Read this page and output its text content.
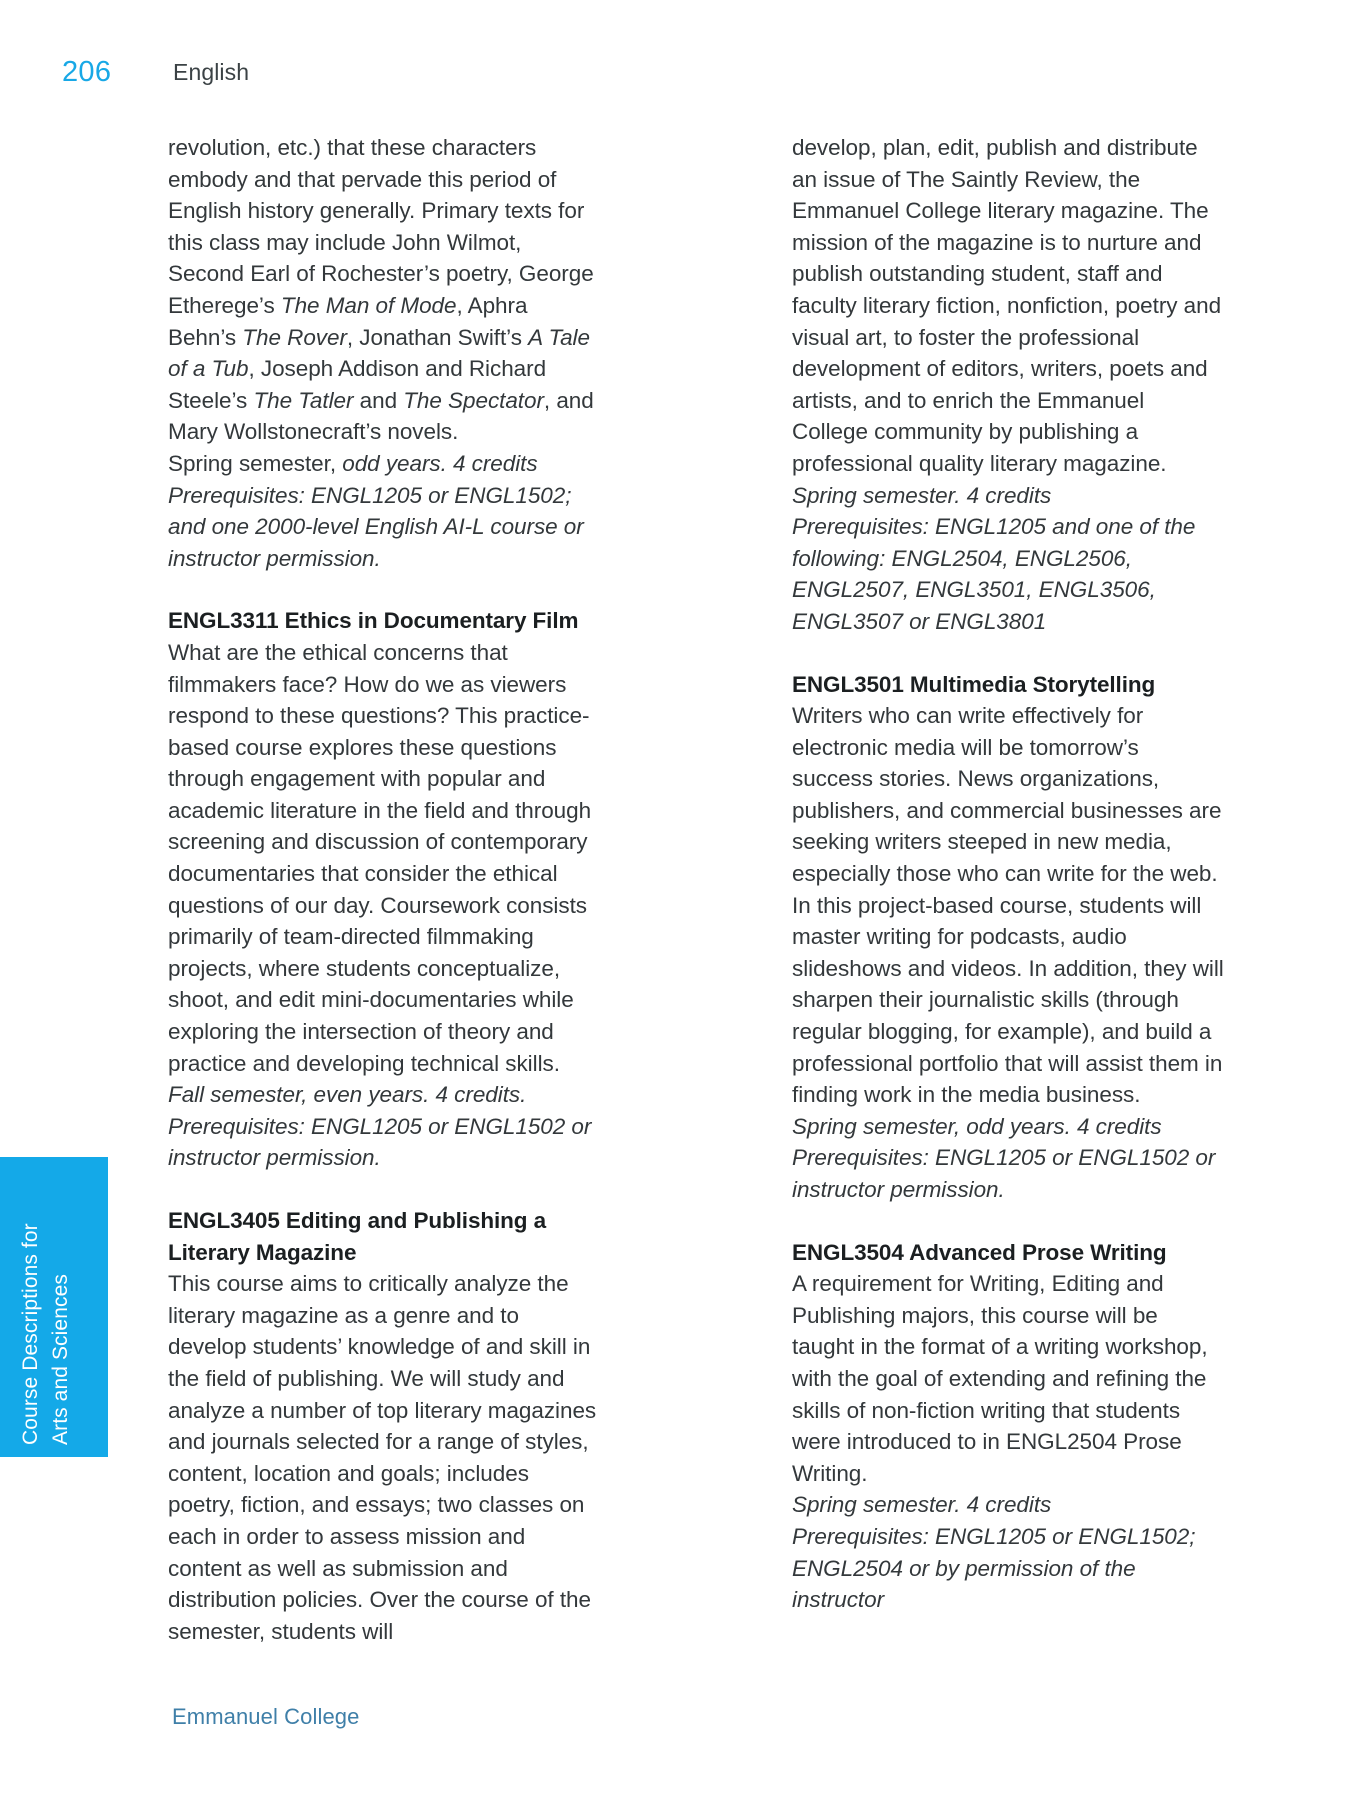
206	English
Course Descriptions for Arts and Sciences

revolution, etc.) that these characters embody and that pervade this period of English history generally. Primary texts for this class may include John Wilmot, Second Earl of Rochester’s poetry, George Etherege’s The Man of Mode, Aphra Behn’s The Rover, Jonathan Swift’s A Tale of a Tub, Joseph Addison and Richard Steele’s The Tatler and The Spectator, and Mary Wollstonecraft’s novels.

Spring semester, odd years. 4 credits

Prerequisites: ENGL1205 or ENGL1502; and one 2000-level English AI-L course or instructor permission.

ENGL3311 Ethics in Documentary Film

What are the ethical concerns that filmmakers face? How do we as viewers respond to these questions? This practice-based course explores these questions through engagement with popular and academic literature in the field and through screening and discussion of contemporary documentaries that consider the ethical questions of our day. Coursework consists primarily of team-directed filmmaking projects, where students conceptualize, shoot, and edit mini-documentaries while exploring the intersection of theory and practice and developing technical skills.

Fall semester, even years. 4 credits.

Prerequisites: ENGL1205 or ENGL1502 or instructor permission.

ENGL3405 Editing and Publishing a Literary Magazine

This course aims to critically analyze the literary magazine as a genre and to develop students’ knowledge of and skill in the field of publishing. We will study and analyze a number of top literary magazines and journals selected for a range of styles, content, location and goals; includes poetry, fiction, and essays; two classes on each in order to assess mission and content as well as submission and distribution policies. Over the course of the semester, students will

develop, plan, edit, publish and distribute an issue of The Saintly Review, the Emmanuel College literary magazine. The mission of the magazine is to nurture and publish outstanding student, staff and faculty literary fiction, nonfiction, poetry and visual art, to foster the professional development of editors, writers, poets and artists, and to enrich the Emmanuel College community by publishing a professional quality literary magazine.

Spring semester. 4 credits

Prerequisites: ENGL1205 and one of the following: ENGL2504, ENGL2506, ENGL2507, ENGL3501, ENGL3506, ENGL3507 or ENGL3801

ENGL3501 Multimedia Storytelling

Writers who can write effectively for electronic media will be tomorrow’s success stories. News organizations, publishers, and commercial businesses are seeking writers steeped in new media, especially those who can write for the web. In this project-based course, students will master writing for podcasts, audio slideshows and videos. In addition, they will sharpen their journalistic skills (through regular blogging, for example), and build a professional portfolio that will assist them in finding work in the media business.

Spring semester, odd years. 4 credits

Prerequisites: ENGL1205 or ENGL1502 or instructor permission.

ENGL3504 Advanced Prose Writing

A requirement for Writing, Editing and Publishing majors, this course will be taught in the format of a writing workshop, with the goal of extending and refining the skills of non-fiction writing that students were introduced to in ENGL2504 Prose Writing.

Spring semester. 4 credits

Prerequisites: ENGL1205 or ENGL1502; ENGL2504 or by permission of the instructor

Emmanuel College
